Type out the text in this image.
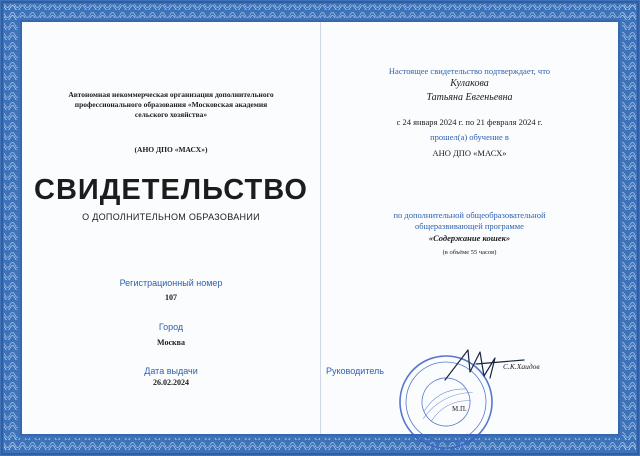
Автономная некоммерческая организация дополнительного профессионального образования «Московская академия сельского хозяйства»
(АНО ДПО «МАСХ»)
СВИДЕТЕЛЬСТВО
О ДОПОЛНИТЕЛЬНОМ ОБРАЗОВАНИИ
Регистрационный номер
107
Город
Москва
Дата выдачи
26.02.2024
Настоящее свидетельство подтверждает, что
Кулакова
Татьяна Евгеньевна
с 24 января 2024 г. по 21 февраля 2024 г.
прошел(а) обучение в
АНО ДПО «МАСХ»
по дополнительной общеобразовательной
общеразвивающей программе
«Содержание кошек»
(в объёме 55 часов)
Руководитель	С.К.Хаидов
М.П.
